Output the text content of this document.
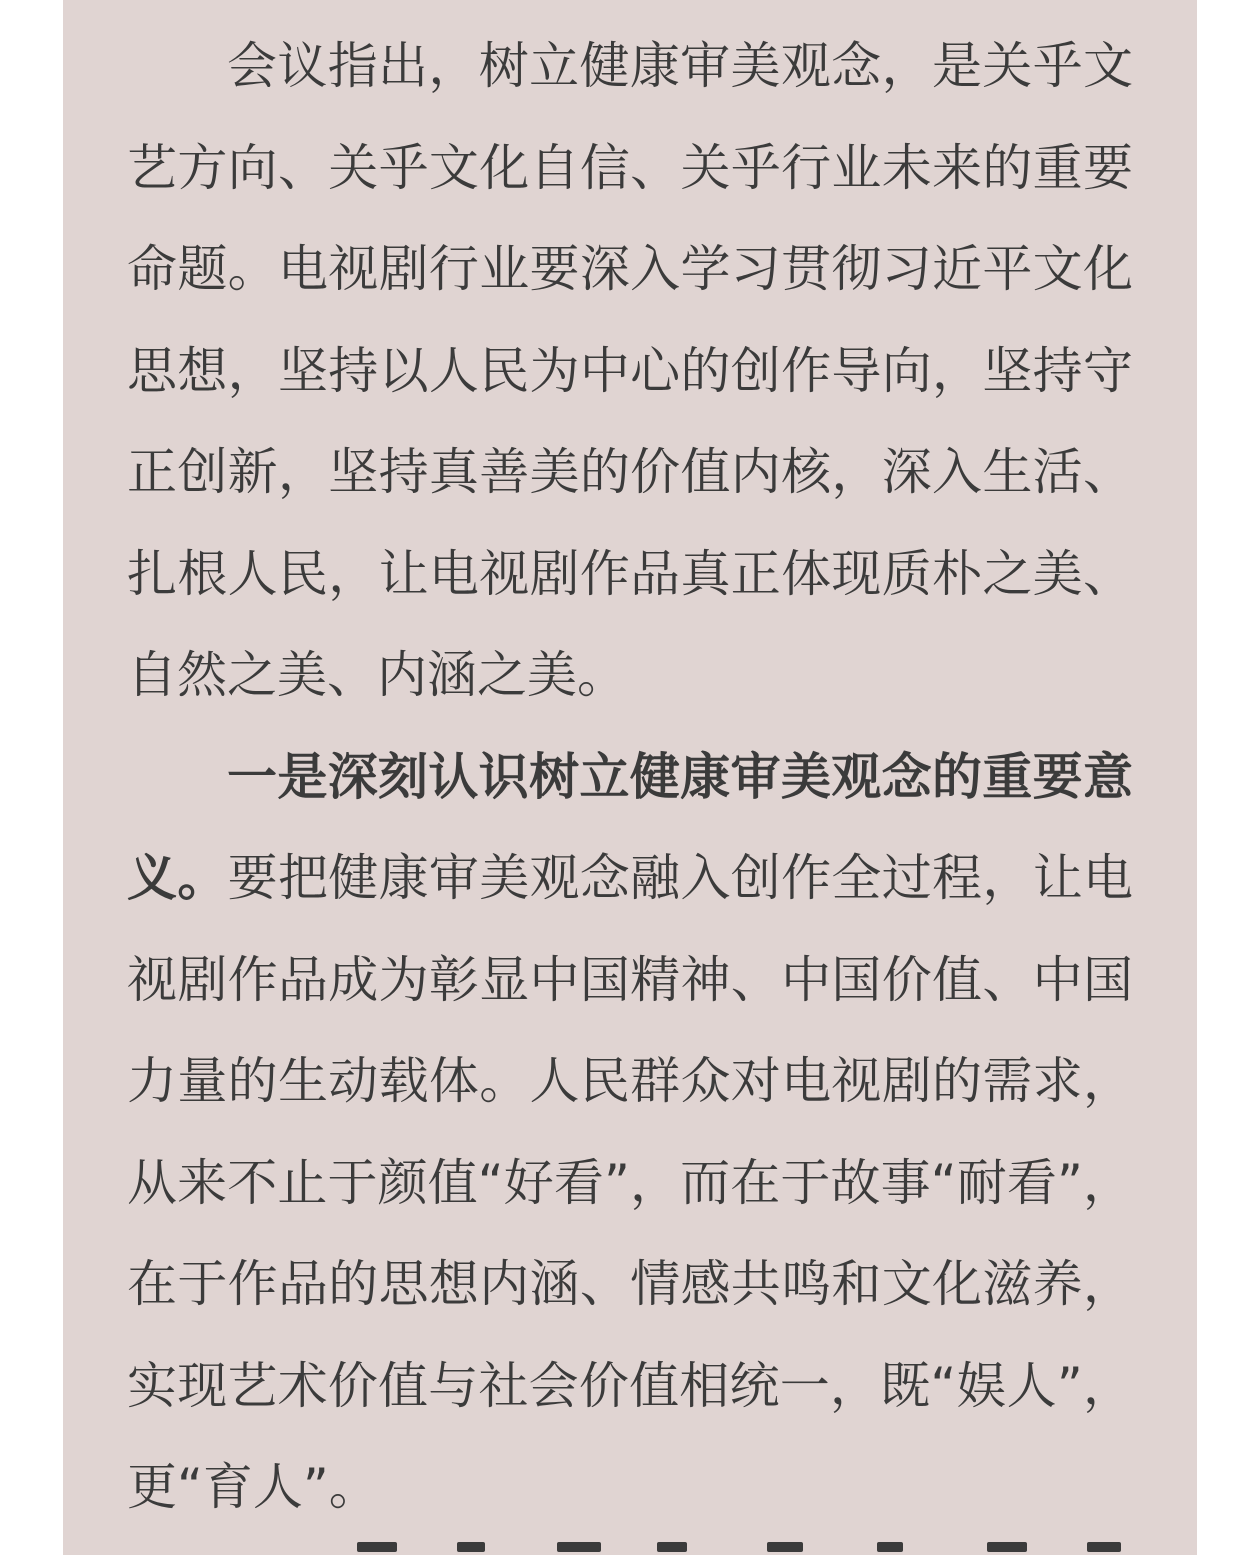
会议指出，树立健康审美观念，是关乎文艺方向、关乎文化自信、关乎行业未来的重要命题。电视剧行业要深入学习贯彻习近平文化思想，坚持以人民为中心的创作导向，坚持守正创新，坚持真善美的价值内核，深入生活、扎根人民，让电视剧作品真正体现质朴之美、自然之美、内涵之美。

一是深刻认识树立健康审美观念的重要意义。要把健康审美观念融入创作全过程，让电视剧作品成为彰显中国精神、中国价值、中国力量的生动载体。人民群众对电视剧的需求，从来不止于颜值“好看”，而在于故事“耐看”，在于作品的思想内涵、情感共鸣和文化滋养，实现艺术价值与社会价值相统一，既“娱人”，更“育人”。
